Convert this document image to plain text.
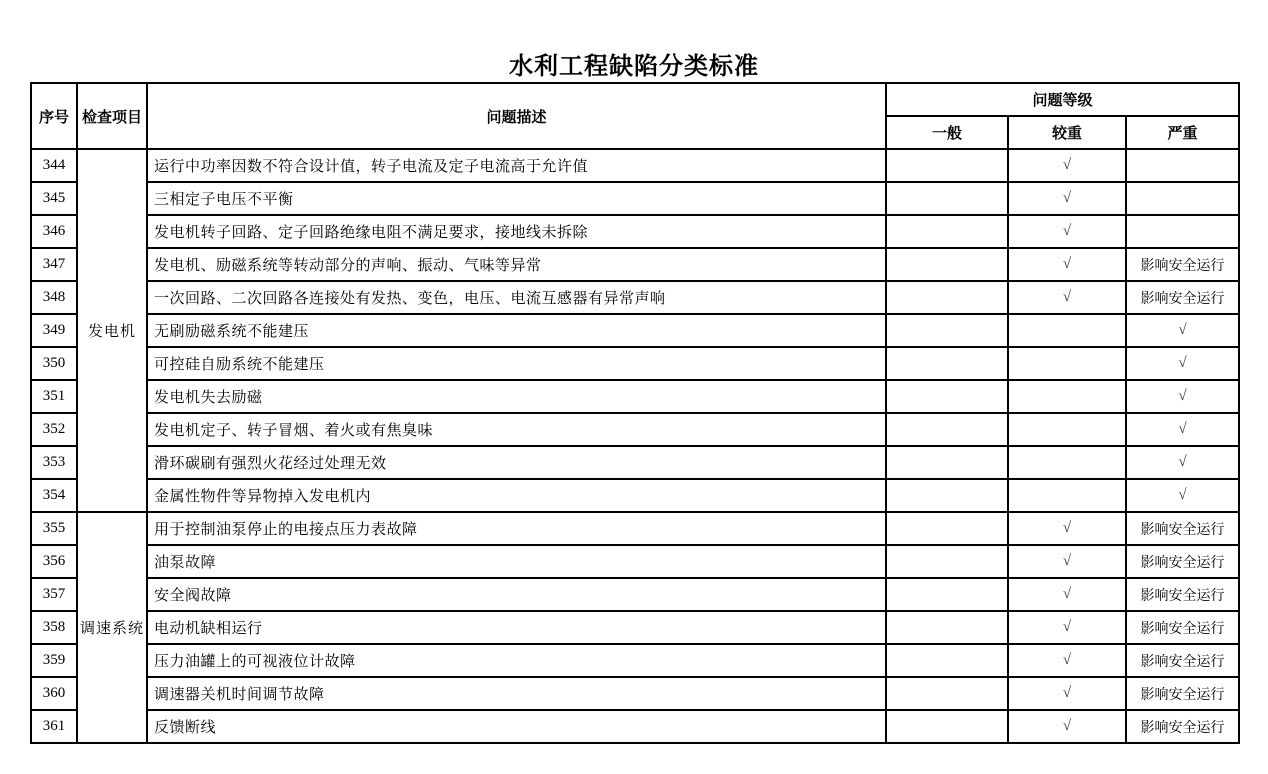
水利工程缺陷分类标准
序号	检查项目	问题描述	问题等级		
			一般	较重	严重
344	发电机	运行中功率因数不符合设计值，转子电流及定子电流高于允许值		√	
345		三相定子电压不平衡		√	
346		发电机转子回路、定子回路绝缘电阻不满足要求，接地线未拆除		√	
347		发电机、励磁系统等转动部分的声响、振动、气味等异常		√	影响安全运行
348		一次回路、二次回路各连接处有发热、变色，电压、电流互感器有异常声响		√	影响安全运行
349		无刷励磁系统不能建压			√
350		可控硅自励系统不能建压			√
351		发电机失去励磁			√
352		发电机定子、转子冒烟、着火或有焦臭味			√
353		滑环碳刷有强烈火花经过处理无效			√
354		金属性物件等异物掉入发电机内			√
355	调速系统	用于控制油泵停止的电接点压力表故障		√	影响安全运行
356		油泵故障		√	影响安全运行
357		安全阀故障		√	影响安全运行
358		电动机缺相运行		√	影响安全运行
359		压力油罐上的可视液位计故障		√	影响安全运行
360		调速器关机时间调节故障		√	影响安全运行
361		反馈断线		√	影响安全运行
